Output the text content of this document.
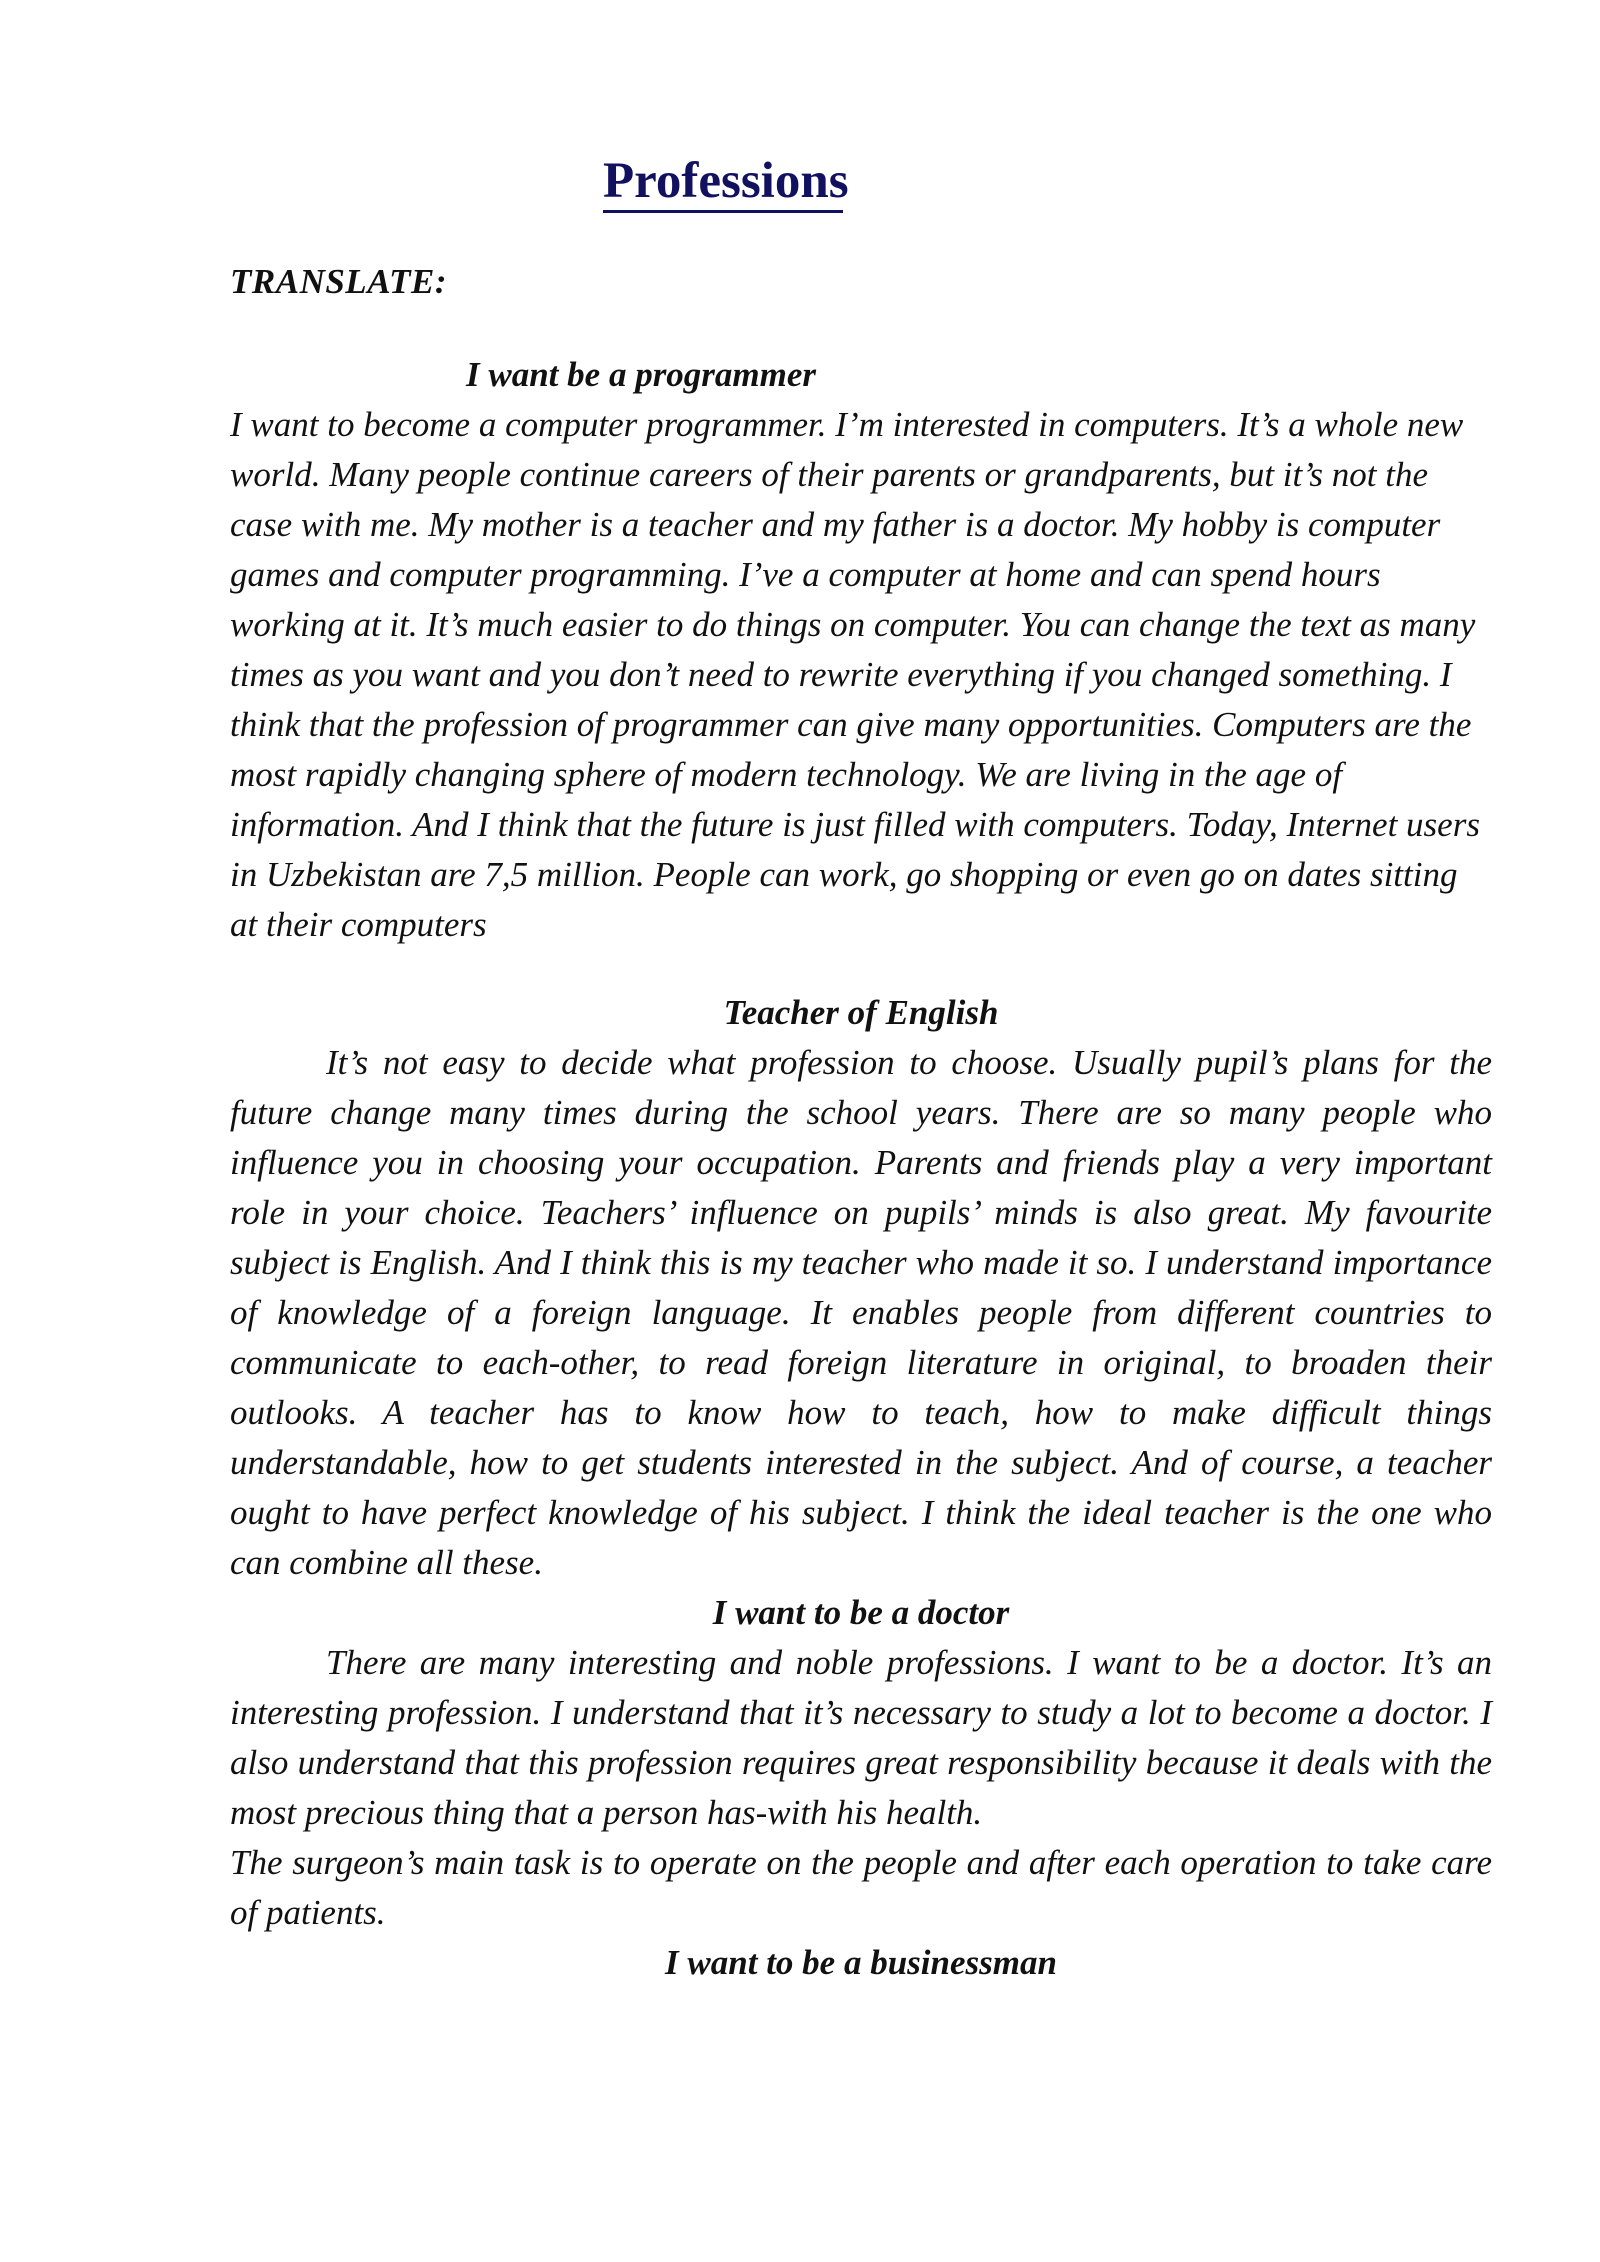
Professions

TRANSLATE:

I want be a programmer

I want to become a computer programmer. I’m interested in computers. It’s a whole new world. Many people continue careers of their parents or grandparents, but it’s not the case with me. My mother is a teacher and my father is a doctor. My hobby is computer games and computer programming. I’ve a computer at home and can spend hours working at it. It’s much easier to do things on computer. You can change the text as many times as you want and you don’t need to rewrite everything if you changed something. I think that the profession of programmer can give many opportunities. Computers are the most rapidly changing sphere of modern technology. We are living in the age of information. And I think that the future is just filled with computers. Today, Internet users in Uzbekistan are 7,5 million. People can work, go shopping or even go on dates sitting at their computers

Teacher of English

It’s not easy to decide what profession to choose. Usually pupil’s plans for the future change many times during the school years. There are so many people who influence you in choosing your occupation. Parents and friends play a very important role in your choice. Teachers’ influence on pupils’ minds is also great. My favourite subject is English. And I think this is my teacher who made it so. I understand importance of knowledge of a foreign language. It enables people from different countries to communicate to each-other, to read foreign literature in original, to broaden their outlooks. A teacher has to know how to teach, how to make difficult things understandable, how to get students interested in the subject. And of course, a teacher ought to have perfect knowledge of his subject. I think the ideal teacher is the one who can combine all these.

I want to be a doctor

There are many interesting and noble professions. I want to be a doctor. It’s an interesting profession. I understand that it’s necessary to study a lot to become a doctor. I also understand that this profession requires great responsibility because it deals with the most precious thing that a person has-with his health.

The surgeon’s main task is to operate on the people and after each operation to take care of patients.

I want to be a businessman
